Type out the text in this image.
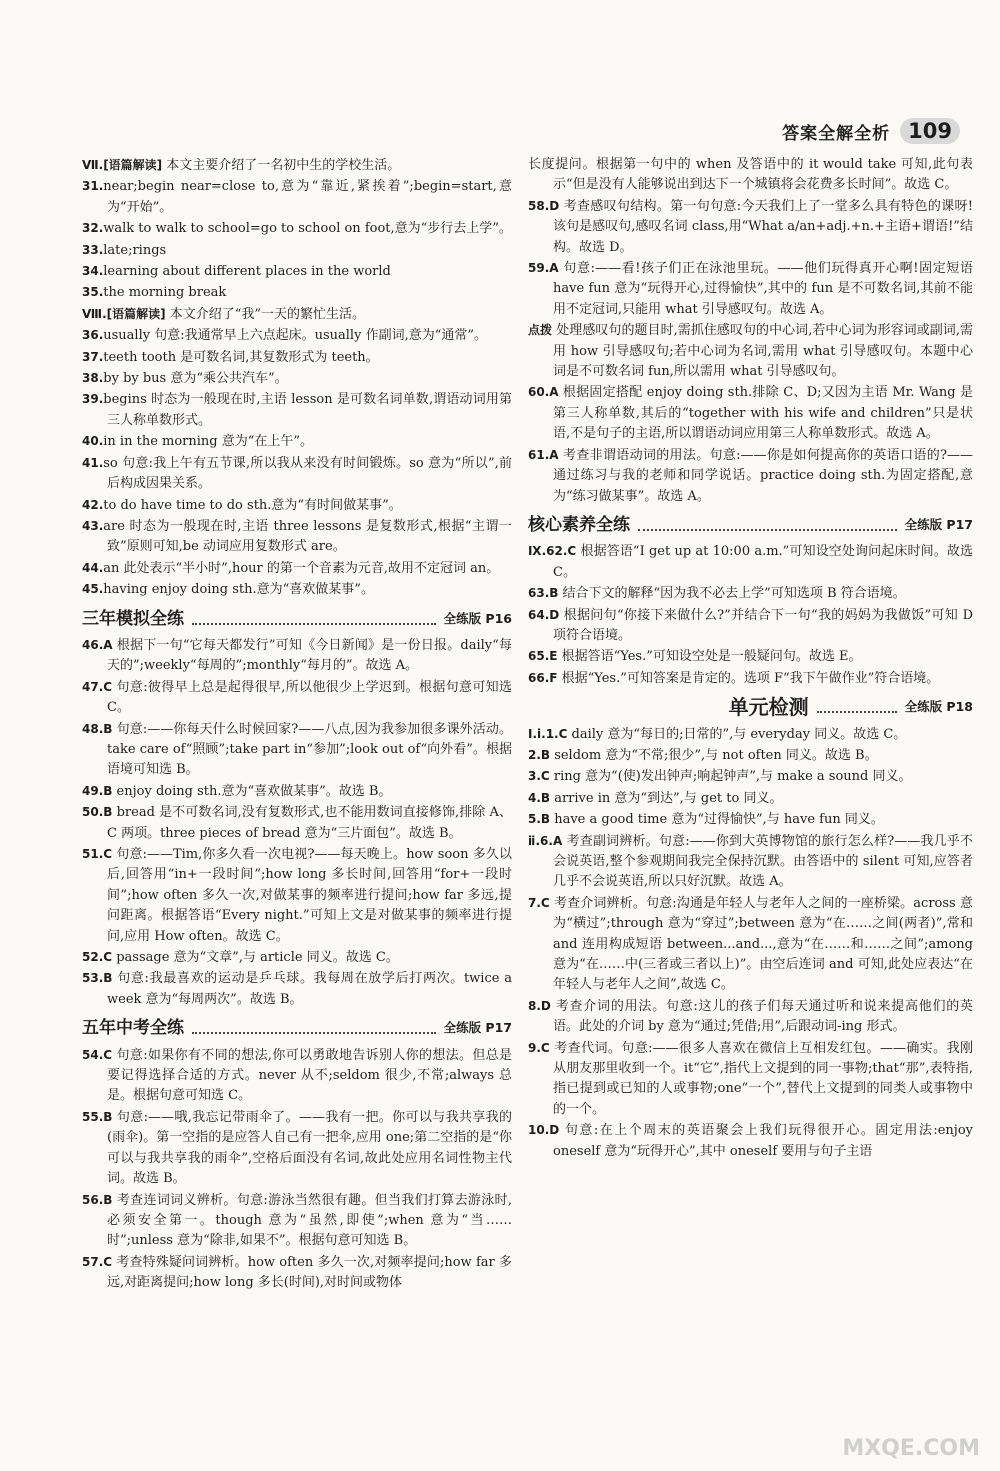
答案全解全析 109

Ⅶ.[语篇解读] 本文主要介绍了一名初中生的学校生活。

31.near;begin near=close to,意为“靠近,紧挨着”;begin=start,意为“开始”。

32.walk to walk to school=go to school on foot,意为“步行去上学”。

33.late;rings

34.learning about different places in the world

35.the morning break

Ⅷ.[语篇解读] 本文介绍了“我”一天的繁忙生活。

36.usually 句意:我通常早上六点起床。usually 作副词,意为“通常”。

37.teeth tooth 是可数名词,其复数形式为 teeth。

38.by by bus 意为“乘公共汽车”。

39.begins 时态为一般现在时,主语 lesson 是可数名词单数,谓语动词用第三人称单数形式。

40.in in the morning 意为“在上午”。

41.so 句意:我上午有五节课,所以我从来没有时间锻炼。so 意为“所以”,前后构成因果关系。

42.to do have time to do sth.意为“有时间做某事”。

43.are 时态为一般现在时,主语 three lessons 是复数形式,根据“主谓一致”原则可知,be 动词应用复数形式 are。

44.an 此处表示“半小时”,hour 的第一个音素为元音,故用不定冠词 an。

45.having enjoy doing sth.意为“喜欢做某事”。

三年模拟全练	全练版 P16

46.A 根据下一句“它每天都发行”可知《今日新闻》是一份日报。daily“每天的”;weekly“每周的”;monthly“每月的”。故选 A。

47.C 句意:彼得早上总是起得很早,所以他很少上学迟到。根据句意可知选 C。

48.B 句意:——你每天什么时候回家?——八点,因为我参加很多课外活动。take care of“照顾”;take part in“参加”;look out of“向外看”。根据语境可知选 B。

49.B enjoy doing sth.意为“喜欢做某事”。故选 B。

50.B bread 是不可数名词,没有复数形式,也不能用数词直接修饰,排除 A、C 两项。three pieces of bread 意为“三片面包”。故选 B。

51.C 句意:——Tim,你多久看一次电视?——每天晚上。how soon 多久以后,回答用“in+一段时间”;how long 多长时间,回答用“for+一段时间”;how often 多久一次,对做某事的频率进行提问;how far 多远,提问距离。根据答语“Every night.”可知上文是对做某事的频率进行提问,应用 How often。故选 C。

52.C passage 意为“文章”,与 article 同义。故选 C。

53.B 句意:我最喜欢的运动是乒乓球。我每周在放学后打两次。twice a week 意为“每周两次”。故选 B。

五年中考全练	全练版 P17

54.C 句意:如果你有不同的想法,你可以勇敢地告诉别人你的想法。但总是要记得选择合适的方式。never 从不;seldom 很少,不常;always 总是。根据句意可知选 C。

55.B 句意:——哦,我忘记带雨伞了。——我有一把。你可以与我共享我的(雨伞)。第一空指的是应答人自己有一把伞,应用 one;第二空指的是“你可以与我共享我的雨伞”,空格后面没有名词,故此处应用名词性物主代词。故选 B。

56.B 考查连词词义辨析。句意:游泳当然很有趣。但当我们打算去游泳时,必须安全第一。though 意为“虽然,即使”;when 意为“当……时”;unless 意为“除非,如果不”。根据句意可知选 B。

57.C 考查特殊疑问词辨析。how often 多久一次,对频率提问;how far 多远,对距离提问;how long 多长(时间),对时间或物体

长度提问。根据第一句中的 when 及答语中的 it would take 可知,此句表示“但是没有人能够说出到达下一个城镇将会花费多长时间”。故选 C。

58.D 考查感叹句结构。第一句句意:今天我们上了一堂多么具有特色的课呀!该句是感叹句,感叹名词 class,用“What a/an+adj.+n.+主语+谓语!”结构。故选 D。

59.A 句意:——看!孩子们正在泳池里玩。——他们玩得真开心啊!固定短语 have fun 意为“玩得开心,过得愉快”,其中的 fun 是不可数名词,其前不能用不定冠词,只能用 what 引导感叹句。故选 A。

点拨 处理感叹句的题目时,需抓住感叹句的中心词,若中心词为形容词或副词,需用 how 引导感叹句;若中心词为名词,需用 what 引导感叹句。本题中心词是不可数名词 fun,所以需用 what 引导感叹句。

60.A 根据固定搭配 enjoy doing sth.排除 C、D;又因为主语 Mr. Wang 是第三人称单数,其后的“together with his wife and children”只是状语,不是句子的主语,所以谓语动词应用第三人称单数形式。故选 A。

61.A 考查非谓语动词的用法。句意:——你是如何提高你的英语口语的?——通过练习与我的老师和同学说话。practice doing sth.为固定搭配,意为“练习做某事”。故选 A。

核心素养全练	全练版 P17

Ⅸ.62.C 根据答语“I get up at 10:00 a.m.”可知设空处询问起床时间。故选 C。

63.B 结合下文的解释“因为我不必去上学”可知选项 B 符合语境。

64.D 根据问句“你接下来做什么?”并结合下一句“我的妈妈为我做饭”可知 D 项符合语境。

65.E 根据答语“Yes.”可知设空处是一般疑问句。故选 E。

66.F 根据“Yes.”可知答案是肯定的。选项 F“我下午做作业”符合语境。

单元检测	全练版 P18

Ⅰ.ⅰ.1.C daily 意为“每日的;日常的”,与 everyday 同义。故选 C。

2.B seldom 意为“不常;很少”,与 not often 同义。故选 B。

3.C ring 意为“(使)发出钟声;响起钟声”,与 make a sound 同义。

4.B arrive in 意为“到达”,与 get to 同义。

5.B have a good time 意为“过得愉快”,与 have fun 同义。

ⅱ.6.A 考查副词辨析。句意:——你到大英博物馆的旅行怎么样?——我几乎不会说英语,整个参观期间我完全保持沉默。由答语中的 silent 可知,应答者几乎不会说英语,所以只好沉默。故选 A。

7.C 考查介词辨析。句意:沟通是年轻人与老年人之间的一座桥梁。across 意为“横过”;through 意为“穿过”;between 意为“在……之间(两者)”,常和 and 连用构成短语 between...and...,意为“在……和……之间”;among 意为“在……中(三者或三者以上)”。由空后连词 and 可知,此处应表达“在年轻人与老年人之间”,故选 C。

8.D 考查介词的用法。句意:这儿的孩子们每天通过听和说来提高他们的英语。此处的介词 by 意为“通过;凭借;用”,后跟动词-ing 形式。

9.C 考查代词。句意:——很多人喜欢在微信上互相发红包。——确实。我刚从朋友那里收到一个。it“它”,指代上文提到的同一事物;that“那”,表特指,指已提到或已知的人或事物;one“一个”,替代上文提到的同类人或事物中的一个。

10.D 句意:在上个周末的英语聚会上我们玩得很开心。固定用法:enjoy oneself 意为“玩得开心”,其中 oneself 要用与句子主语

MXQE.COM
